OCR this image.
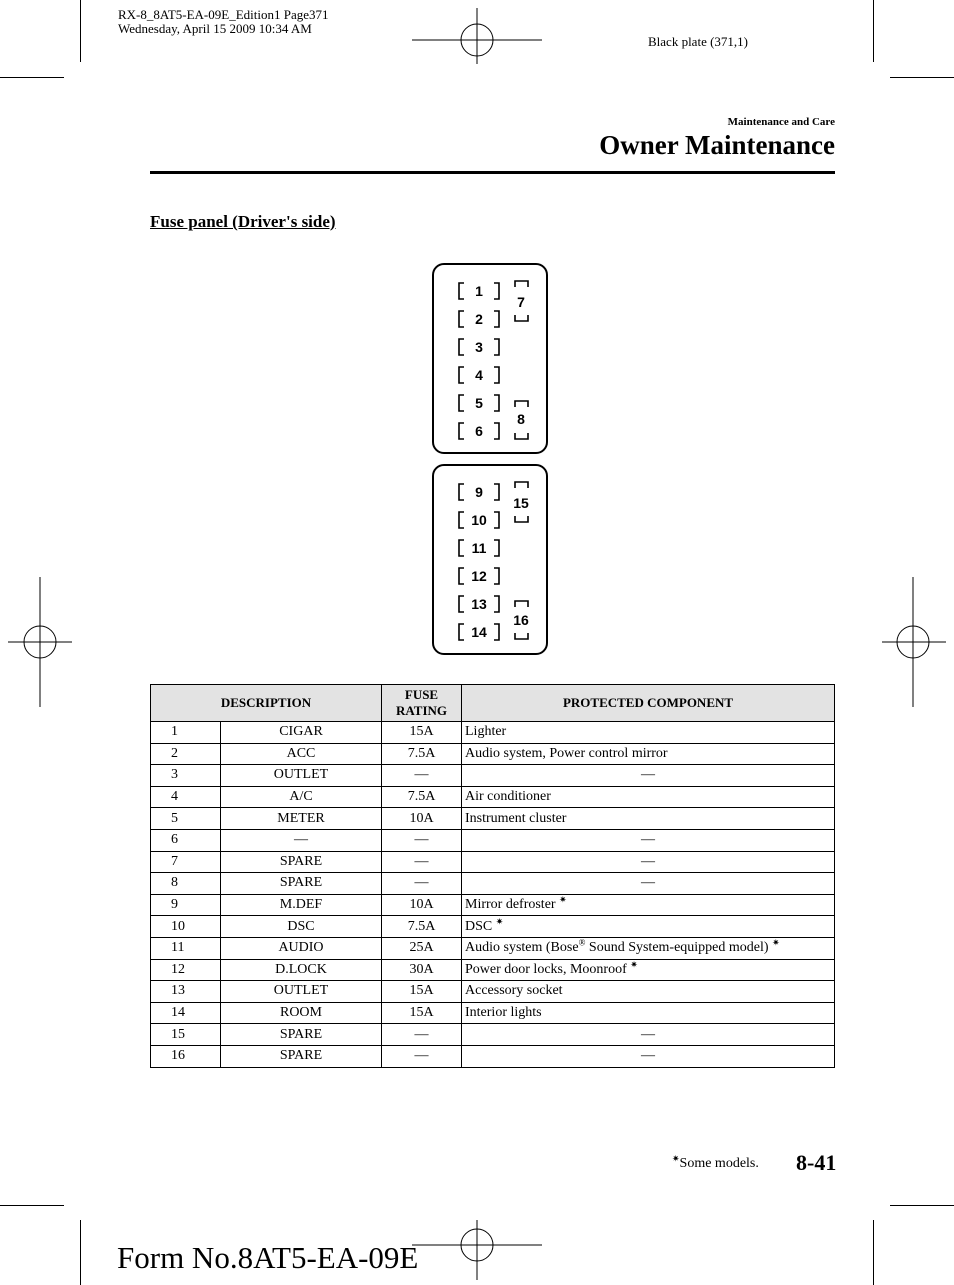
RX-8_8AT5-EA-09E_Edition1 Page371
Wednesday, April 15 2009 10:34 AM
Black plate (371,1)
Maintenance and Care
Owner Maintenance
Fuse panel (Driver's side)
1
2
3
4
5
6
9
10
11
12
13
14
7
8
15
16
DESCRIPTION		FUSE
RATING	PROTECTED COMPONENT
1	CIGAR	15A	Lighter
2	ACC	7.5A	Audio system, Power control mirror
3	OUTLET	—	—
4	A/C	7.5A	Air conditioner
5	METER	10A	Instrument cluster
6	—	—	—
7	SPARE	—	—
8	SPARE	—	—
9	M.DEF	10A	Mirror defroster ✷
10	DSC	7.5A	DSC ✷
11	AUDIO	25A	Audio system (Bose® Sound System-equipped model) ✷
12	D.LOCK	30A	Power door locks, Moonroof ✷
13	OUTLET	15A	Accessory socket
14	ROOM	15A	Interior lights
15	SPARE	—	—
16	SPARE	—	—
✷Some models. 8-41
Form No.8AT5-EA-09E
